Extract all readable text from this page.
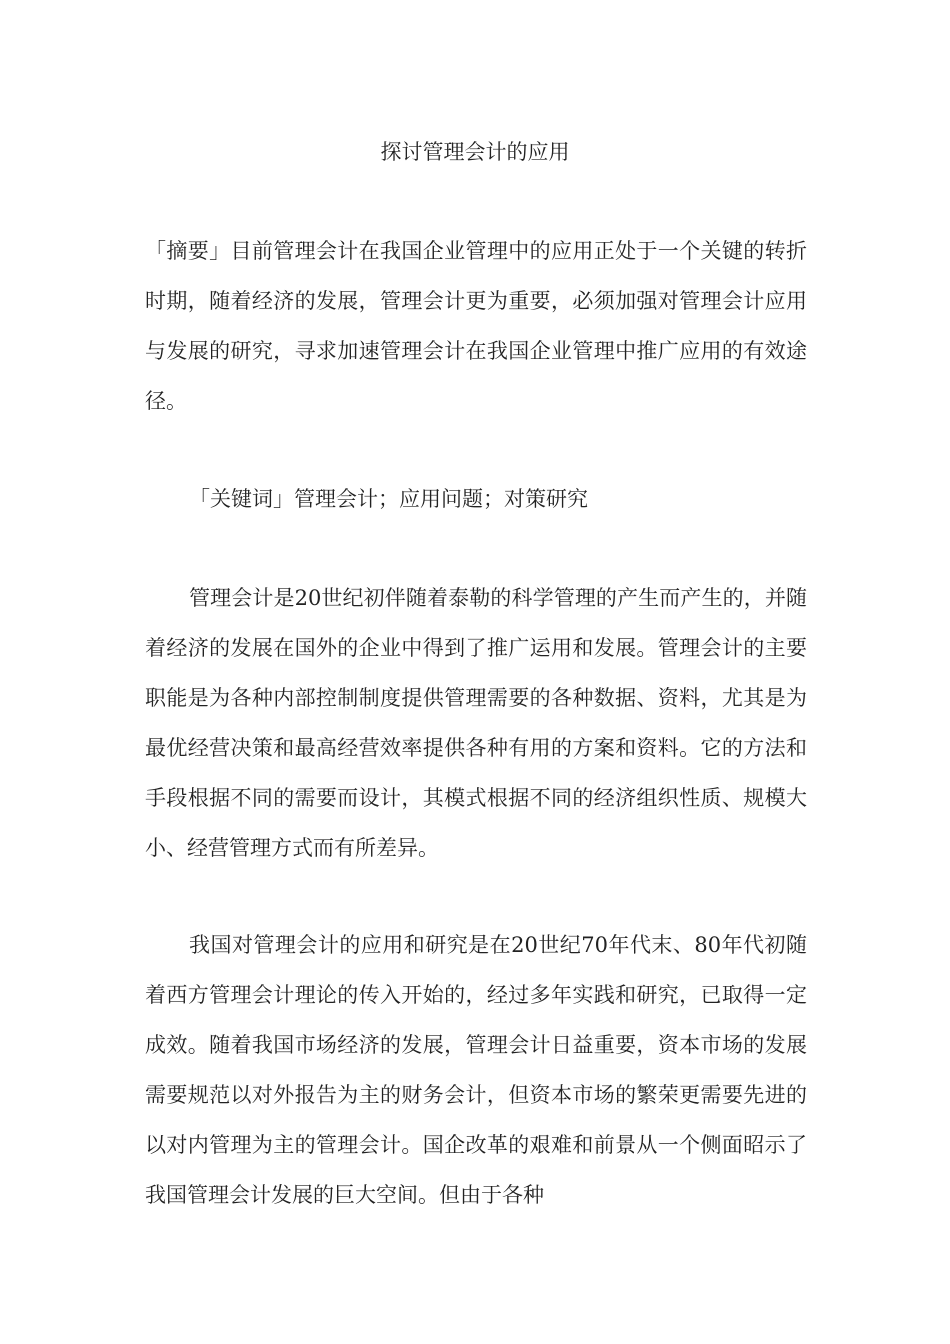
探讨管理会计的应用

「摘要」目前管理会计在我国企业管理中的应用正处于一个关键的转折时期，随着经济的发展，管理会计更为重要，必须加强对管理会计应用与发展的研究，寻求加速管理会计在我国企业管理中推广应用的有效途径。

「关键词」管理会计；应用问题；对策研究

管理会计是20世纪初伴随着泰勒的科学管理的产生而产生的，并随着经济的发展在国外的企业中得到了推广运用和发展。管理会计的主要职能是为各种内部控制制度提供管理需要的各种数据、资料，尤其是为最优经营决策和最高经营效率提供各种有用的方案和资料。它的方法和手段根据不同的需要而设计，其模式根据不同的经济组织性质、规模大小、经营管理方式而有所差异。

我国对管理会计的应用和研究是在20世纪70年代末、80年代初随着西方管理会计理论的传入开始的，经过多年实践和研究，已取得一定成效。随着我国市场经济的发展，管理会计日益重要，资本市场的发展需要规范以对外报告为主的财务会计，但资本市场的繁荣更需要先进的以对内管理为主的管理会计。国企改革的艰难和前景从一个侧面昭示了我国管理会计发展的巨大空间。但由于各种
